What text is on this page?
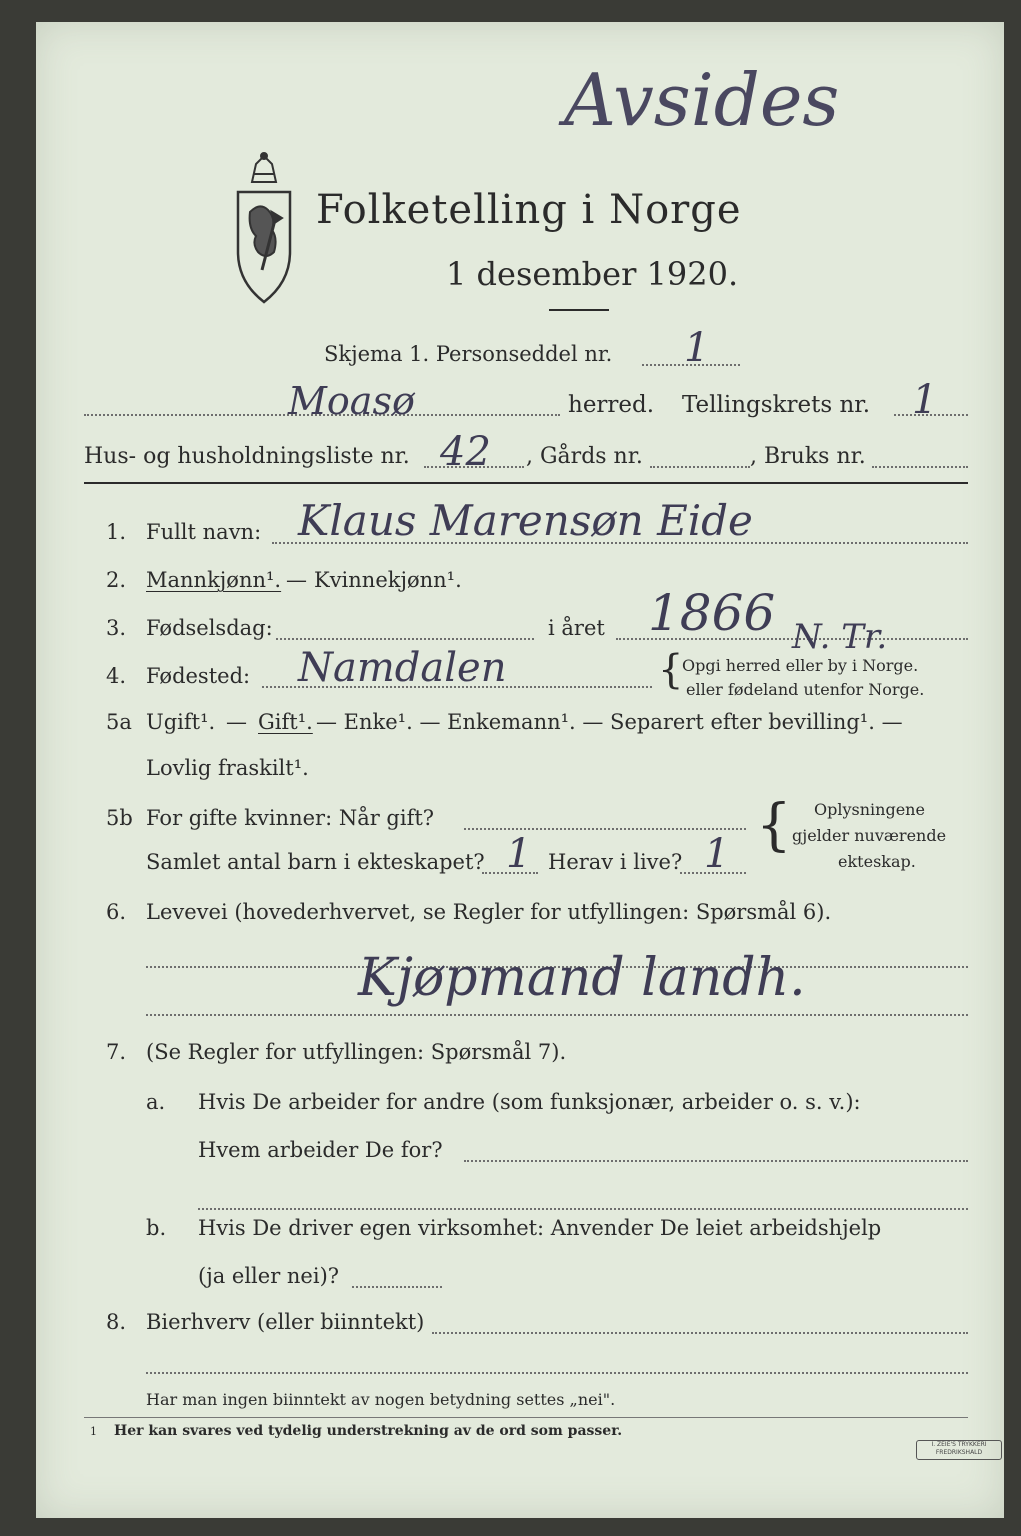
Avsides
Folketelling i Norge
1 desember 1920.
Skjema 1. Personseddel nr. 1
Moasø	herred. Tellingskrets nr. 1
Hus- og husholdningsliste nr. 42 , Gårds nr.	, Bruks nr.
1. Fullt navn: Klaus Marensøn Eide
2. Mannkjønn¹. — Kvinnekjønn¹.
3. Fødselsdag:	i året 1866 N. Tr.
4. Fødested: Namdalen	{
Opgi herred eller by i Norge.
eller fødeland utenfor Norge.
5a Ugift¹. — Gift¹. — Enke¹. — Enkemann¹. — Separert efter bevilling¹. —
Lovlig fraskilt¹.
5b For gifte kvinner: Når gift?	{ Oplysningene
gjelder nuværende
ekteskap.
Samlet antal barn i ekteskapet? 1 Herav i live? 1
6. Levevei (hovederhvervet, se Regler for utfyllingen: Spørsmål 6).
Kjøpmand landh.
7. (Se Regler for utfyllingen: Spørsmål 7).
a. Hvis De arbeider for andre (som funksjonær, arbeider o. s. v.):
Hvem arbeider De for?
b. Hvis De driver egen virksomhet: Anvender De leiet arbeidshjelp
(ja eller nei)?
8. Bierhverv (eller biinntekt)
Har man ingen biinntekt av nogen betydning settes „nei".
1 Her kan svares ved tydelig understrekning av de ord som passer.
I. ZEIE'S TRYKKERI
FREDRIKSHALD
